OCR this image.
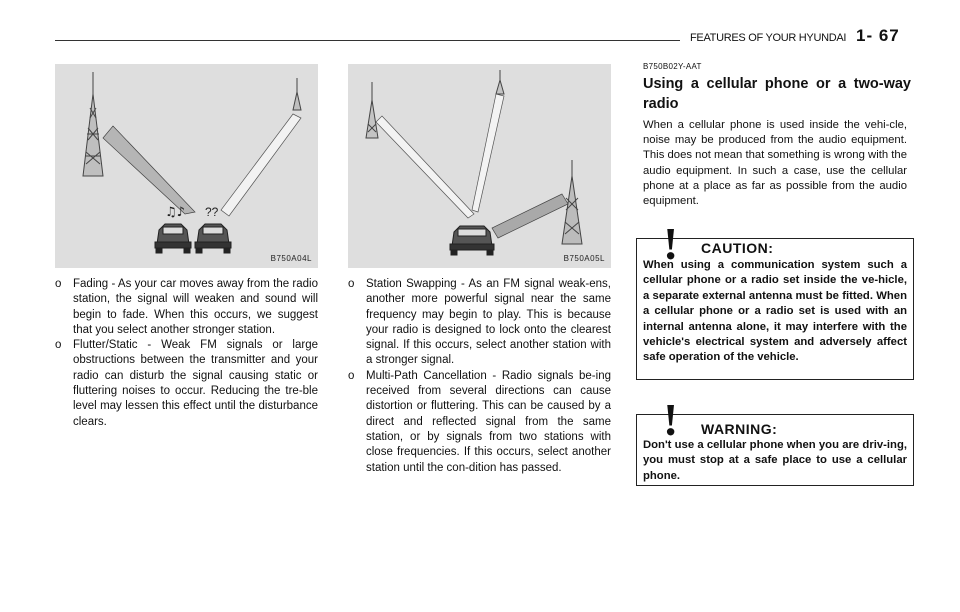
FEATURES OF YOUR HYUNDAI 1- 67
♫♪ ??
B750A04L	B750A05L
o Fading - As your car moves away from the radio station, the signal will weaken and sound will begin to fade. When this occurs, we suggest that you select another stronger station.
o Flutter/Static - Weak FM signals or large obstructions between the transmitter and your radio can disturb the signal causing static or fluttering noises to occur. Reducing the tre-ble level may lessen this effect until the disturbance clears.
o Station Swapping - As an FM signal weak-ens, another more powerful signal near the same frequency may begin to play. This is because your radio is designed to lock onto the clearest signal. If this occurs, select another station with a stronger signal.
o Multi-Path Cancellation - Radio signals be-ing received from several directions can cause distortion or fluttering. This can be caused by a direct and reflected signal from the same station, or by signals from two stations with close frequencies. If this occurs, select another station until the con-dition has passed.
B750B02Y-AAT
Using a cellular phone or a two-way radio
When a cellular phone is used inside the vehi-cle, noise may be produced from the audio equipment. This does not mean that something is wrong with the audio equipment. In such a case, use the cellular phone at a place as far as possible from the audio equipment.
! CAUTION:
When using a communication system such a cellular phone or a radio set inside the ve-hicle, a separate external antenna must be fitted. When a cellular phone or a radio set is used with an internal antenna alone, it may interfere with the vehicle's electrical system and adversely affect safe operation of the vehicle.
! WARNING:
Don't use a cellular phone when you are driv-ing, you must stop at a safe place to use a cellular phone.
